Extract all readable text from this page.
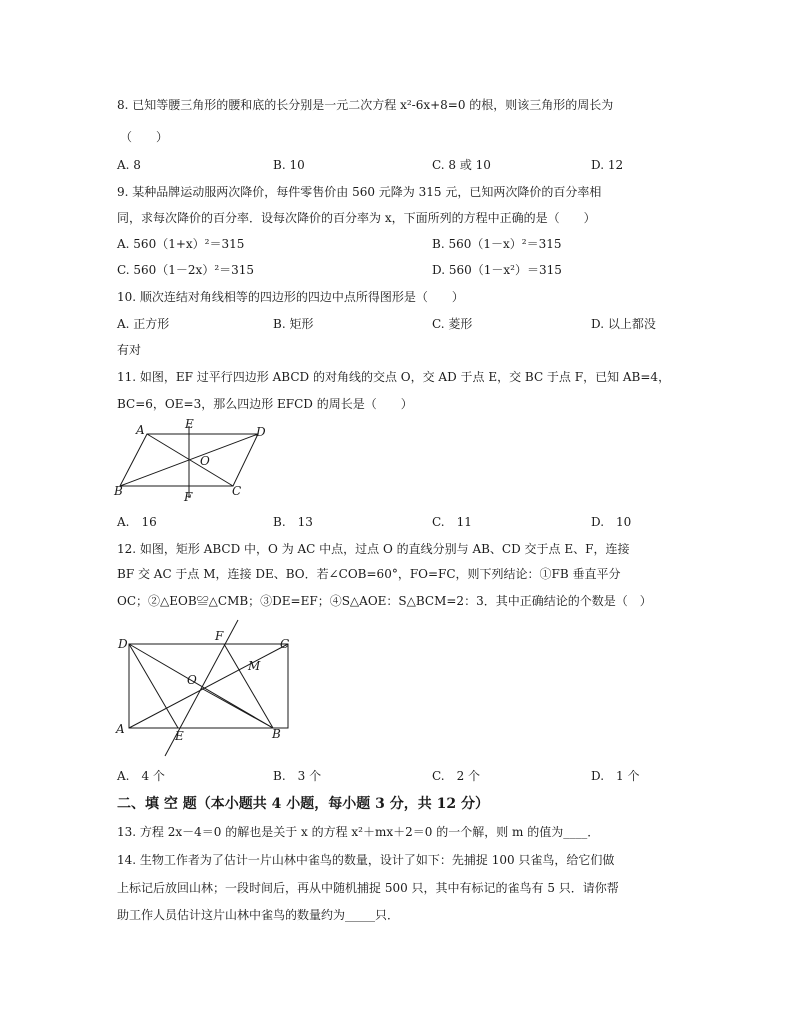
8. 已知等腰三角形的腰和底的长分别是一元二次方程 x²-6x+8=0 的根，则该三角形的周长为
（　　）
A. 8	B. 10	C. 8 或 10	D. 12
9. 某种品牌运动服两次降价，每件零售价由 560 元降为 315 元，已知两次降价的百分率相
同，求每次降价的百分率．设每次降价的百分率为 x，下面所列的方程中正确的是（　　）
A. 560（1+x）²＝315	B. 560（1－x）²＝315
C. 560（1－2x）²＝315	D. 560（1－x²）＝315
10. 顺次连结对角线相等的四边形的四边中点所得图形是（　　）
A. 正方形	B. 矩形	C. 菱形	D. 以上都没
有对
11. 如图，EF 过平行四边形 ABCD 的对角线的交点 O，交 AD 于点 E，交 BC 于点 F，已知 AB=4，
BC=6，OE=3，那么四边形 EFCD 的周长是（　　）
A	E
D
O
B	F	C
A.　16	B.　13	C.　11	D.　10
12. 如图，矩形 ABCD 中，O 为 AC 中点，过点 O 的直线分别与 AB、CD 交于点 E、F，连接
BF 交 AC 于点 M，连接 DE、BO．若∠COB=60°，FO=FC，则下列结论：①FB 垂直平分
OC；②△EOB≌△CMB；③DE=EF；④S△AOE：S△BCM=2：3．其中正确结论的个数是（　）
D
F
C
M
O
A	E	B
A.　4 个	B.　3 个	C.　2 个	D.　1 个
二、填 空 题（本小题共 4 小题，每小题 3 分，共 12 分）
13. 方程 2x－4＝0 的解也是关于 x 的方程 x²＋mx＋2＝0 的一个解，则 m 的值为____．
14. 生物工作者为了估计一片山林中雀鸟的数量，设计了如下：先捕捉 100 只雀鸟，给它们做
上标记后放回山林；一段时间后，再从中随机捕捉 500 只，其中有标记的雀鸟有 5 只．请你帮
助工作人员估计这片山林中雀鸟的数量约为_____只．
